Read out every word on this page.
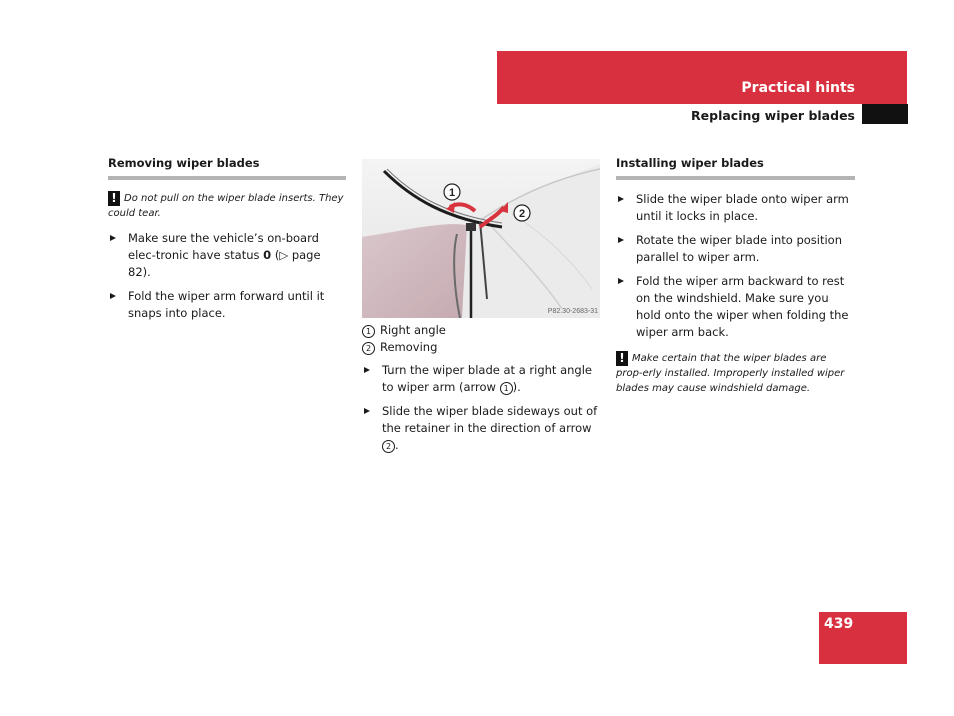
Practical hints
Replacing wiper blades
Removing wiper blades
! Do not pull on the wiper blade inserts. They could tear.
Make sure the vehicle’s on-board elec-tronic have status 0 (▷ page 82).
Fold the wiper arm forward until it snaps into place.
1
2
P82.30-2683-31
1 Right angle
2 Removing
Turn the wiper blade at a right angle to wiper arm (arrow 1 ).
Slide the wiper blade sideways out of the retainer in the direction of arrow 2 .
Installing wiper blades
Slide the wiper blade onto wiper arm until it locks in place.
Rotate the wiper blade into position parallel to wiper arm.
Fold the wiper arm backward to rest on the windshield. Make sure you hold onto the wiper when folding the wiper arm back.
! Make certain that the wiper blades are prop-erly installed. Improperly installed wiper blades may cause windshield damage.
439
